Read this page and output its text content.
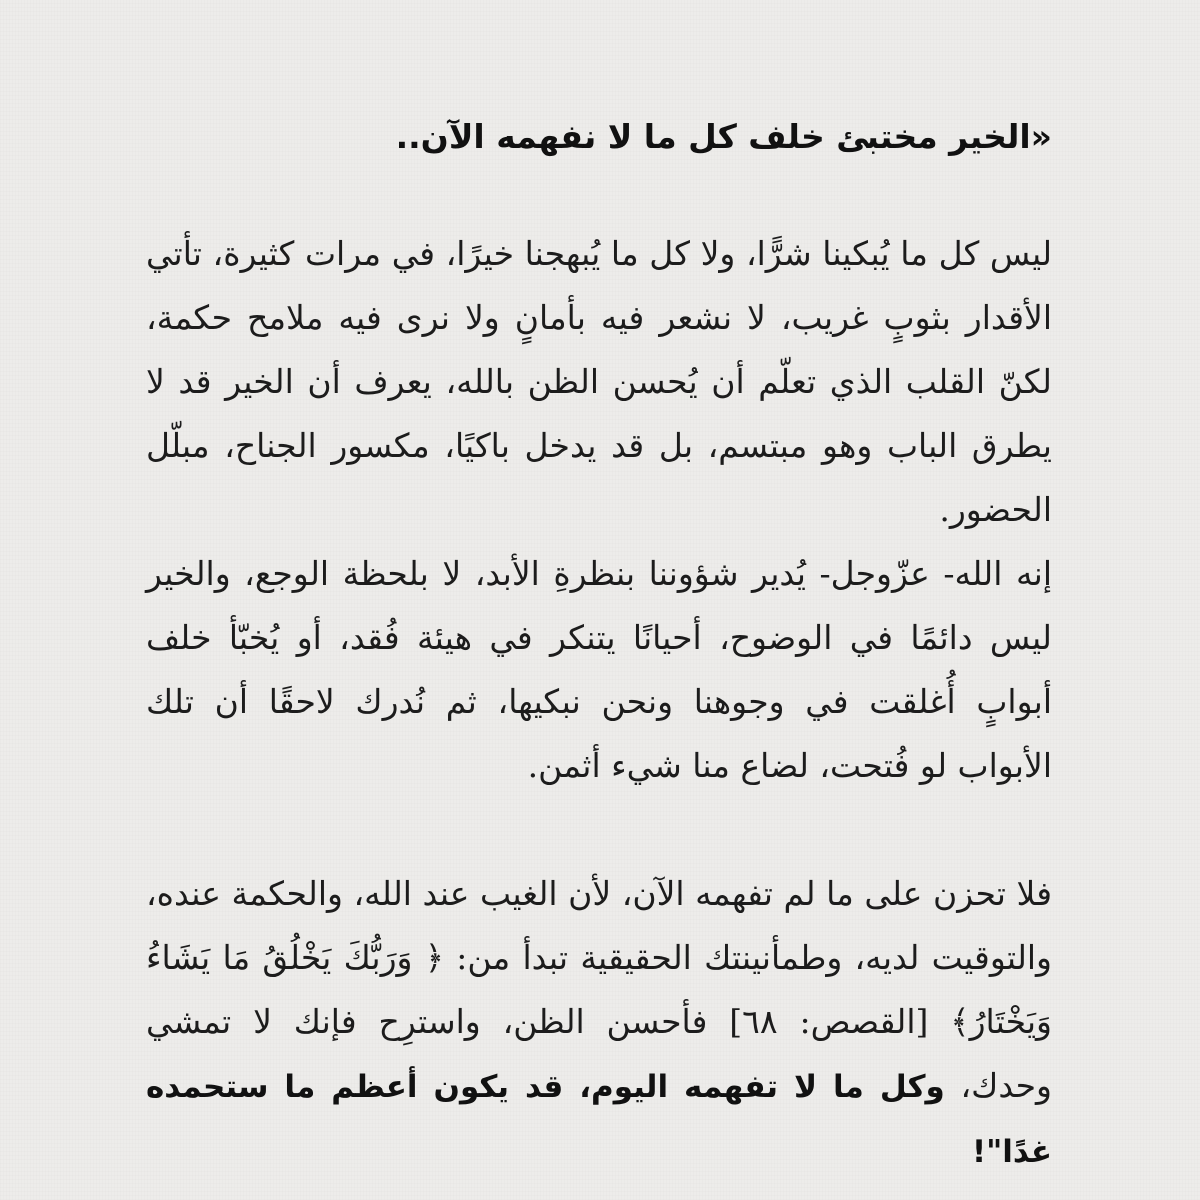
«الخير مختبئ خلف كل ما لا نفهمه الآن..

ليس كل ما يُبكينا شرًّا، ولا كل ما يُبهجنا خيرًا، في مرات كثيرة، تأتي الأقدار بثوبٍ غريب، لا نشعر فيه بأمانٍ ولا نرى فيه ملامح حكمة، لكنّ القلب الذي تعلّم أن يُحسن الظن بالله، يعرف أن الخير قد لا يطرق الباب وهو مبتسم، بل قد يدخل باكيًا، مكسور الجناح، مبلّل الحضور.

إنه الله- عزّوجل- يُدير شؤوننا بنظرةِ الأبد، لا بلحظة الوجع، والخير ليس دائمًا في الوضوح، أحيانًا يتنكر في هيئة فُقد، أو يُخبّأ خلف أبوابٍ أُغلقت في وجوهنا ونحن نبكيها، ثم نُدرك لاحقًا أن تلك الأبواب لو فُتحت، لضاع منا شيء أثمن.

فلا تحزن على ما لم تفهمه الآن، لأن الغيب عند الله، والحكمة عنده، والتوقيت لديه، وطمأنينتك الحقيقية تبدأ من: ﴿ وَرَبُّكَ يَخْلُقُ مَا يَشَاءُ وَيَخْتَارُ﴾ [القصص: ٦٨] فأحسن الظن، واسترِح فإنك لا تمشي وحدك، وكل ما لا تفهمه اليوم، قد يكون أعظم ما ستحمده غدًا"!
